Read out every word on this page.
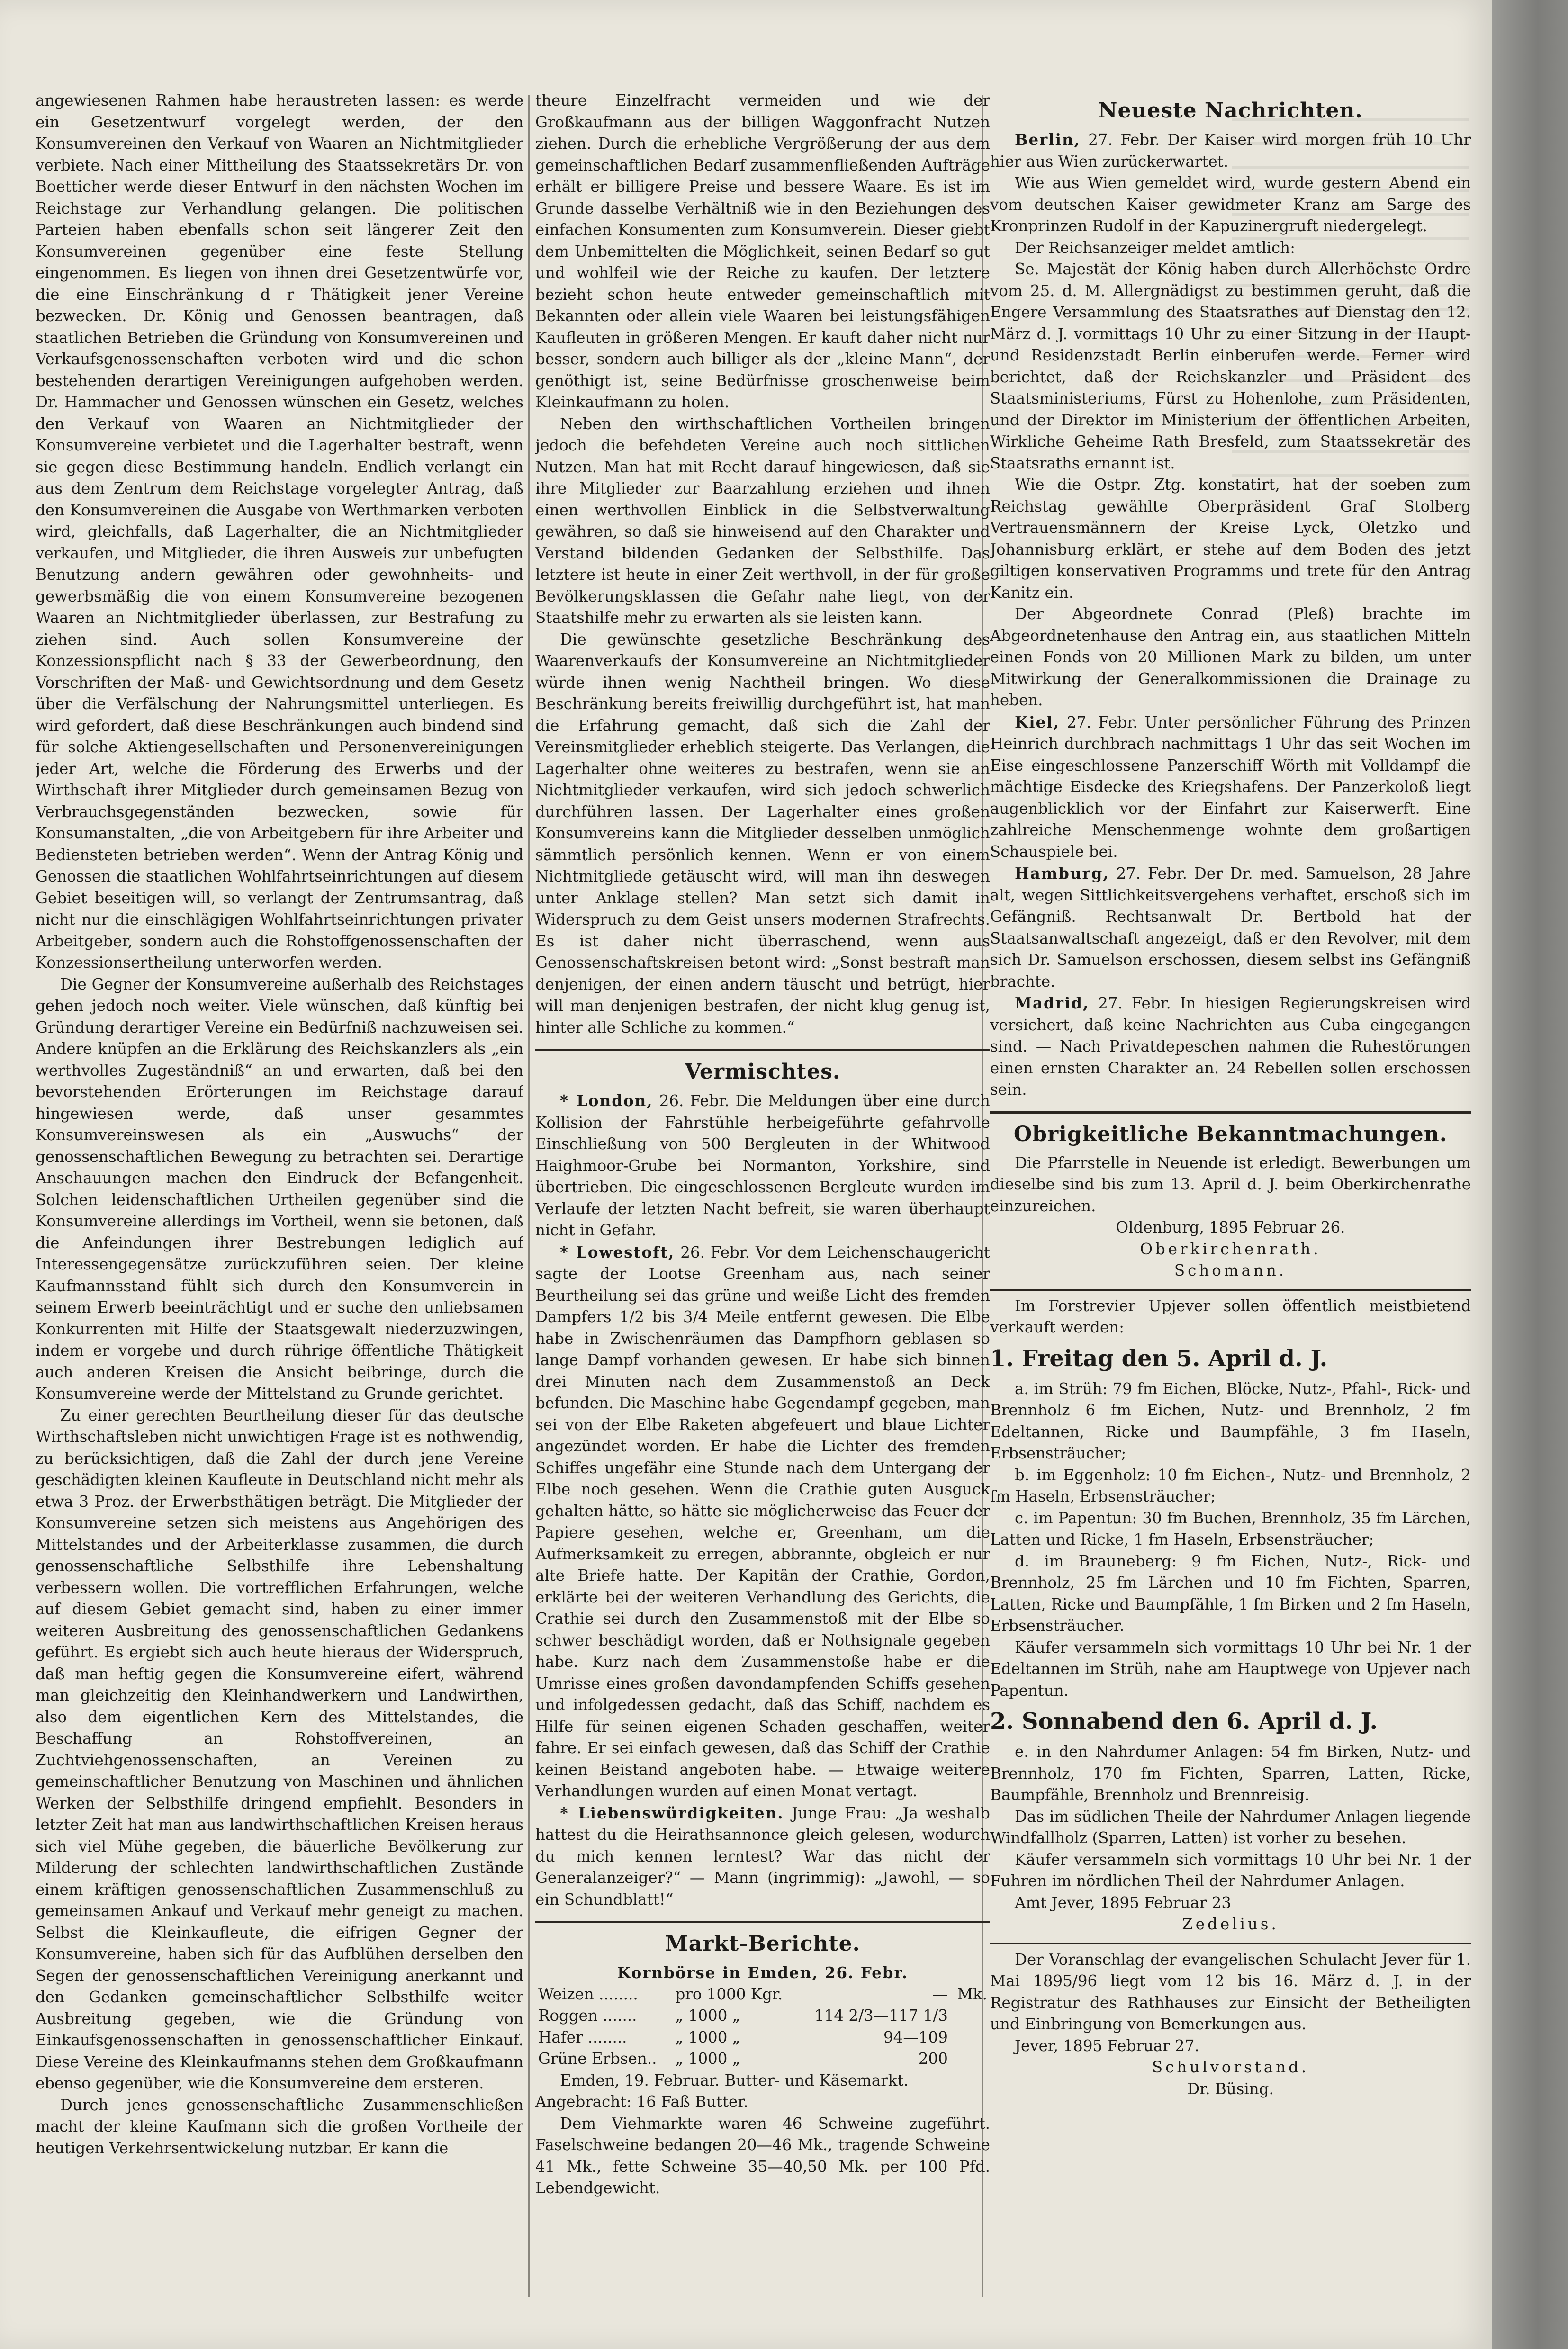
angewiesenen Rahmen habe heraustreten lassen: es werde ein Gesetzentwurf vorgelegt werden, der den Konsumvereinen den Verkauf von Waaren an Nichtmitglieder verbiete. Nach einer Mittheilung des Staatssekretärs Dr. von Boetticher werde dieser Entwurf in den nächsten Wochen im Reichstage zur Verhandlung gelangen. Die politischen Parteien haben ebenfalls schon seit längerer Zeit den Konsumvereinen gegenüber eine feste Stellung eingenommen. Es liegen von ihnen drei Gesetzentwürfe vor, die eine Einschränkung d r Thätigkeit jener Vereine bezwecken. Dr. König und Genossen beantragen, daß staatlichen Betrieben die Gründung von Konsumvereinen und Verkaufsgenossenschaften verboten wird und die schon bestehenden derartigen Vereinigungen aufgehoben werden. Dr. Hammacher und Genossen wünschen ein Gesetz, welches den Verkauf von Waaren an Nichtmitglieder der Konsumvereine verbietet und die Lagerhalter bestraft, wenn sie gegen diese Bestimmung handeln. Endlich verlangt ein aus dem Zentrum dem Reichstage vorgelegter Antrag, daß den Konsumvereinen die Ausgabe von Werthmarken verboten wird, gleichfalls, daß Lagerhalter, die an Nichtmitglieder verkaufen, und Mitglieder, die ihren Ausweis zur unbefugten Benutzung andern gewähren oder gewohnheits- und gewerbsmäßig die von einem Konsumvereine bezogenen Waaren an Nichtmitglieder überlassen, zur Bestrafung zu ziehen sind. Auch sollen Konsumvereine der Konzessionspflicht nach § 33 der Gewerbeordnung, den Vorschriften der Maß- und Gewichtsordnung und dem Gesetz über die Verfälschung der Nahrungsmittel unterliegen. Es wird gefordert, daß diese Beschränkungen auch bindend sind für solche Aktiengesellschaften und Personenvereinigungen jeder Art, welche die Förderung des Erwerbs und der Wirthschaft ihrer Mitglieder durch gemeinsamen Bezug von Verbrauchsgegenständen bezwecken, sowie für Konsumanstalten, „die von Arbeitgebern für ihre Arbeiter und Bediensteten betrieben werden“. Wenn der Antrag König und Genossen die staatlichen Wohlfahrtseinrichtungen auf diesem Gebiet beseitigen will, so verlangt der Zentrumsantrag, daß nicht nur die einschlägigen Wohlfahrtseinrichtungen privater Arbeitgeber, sondern auch die Rohstoffgenossenschaften der Konzessionsertheilung unterworfen werden.

Die Gegner der Konsumvereine außerhalb des Reichstages gehen jedoch noch weiter. Viele wünschen, daß künftig bei Gründung derartiger Vereine ein Bedürfniß nachzuweisen sei. Andere knüpfen an die Erklärung des Reichskanzlers als „ein werthvolles Zugeständniß“ an und erwarten, daß bei den bevorstehenden Erörterungen im Reichstage darauf hingewiesen werde, daß unser gesammtes Konsumvereinswesen als ein „Auswuchs“ der genossenschaftlichen Bewegung zu betrachten sei. Derartige Anschauungen machen den Eindruck der Befangenheit. Solchen leidenschaftlichen Urtheilen gegenüber sind die Konsumvereine allerdings im Vortheil, wenn sie betonen, daß die Anfeindungen ihrer Bestrebungen lediglich auf Interessengegensätze zurückzuführen seien. Der kleine Kaufmannsstand fühlt sich durch den Konsumverein in seinem Erwerb beeinträchtigt und er suche den unliebsamen Konkurrenten mit Hilfe der Staatsgewalt niederzuzwingen, indem er vorgebe und durch rührige öffentliche Thätigkeit auch anderen Kreisen die Ansicht beibringe, durch die Konsumvereine werde der Mittelstand zu Grunde gerichtet.

Zu einer gerechten Beurtheilung dieser für das deutsche Wirthschaftsleben nicht unwichtigen Frage ist es nothwendig, zu berücksichtigen, daß die Zahl der durch jene Vereine geschädigten kleinen Kaufleute in Deutschland nicht mehr als etwa 3 Proz. der Erwerbsthätigen beträgt. Die Mitglieder der Konsumvereine setzen sich meistens aus Angehörigen des Mittelstandes und der Arbeiterklasse zusammen, die durch genossenschaftliche Selbsthilfe ihre Lebenshaltung verbessern wollen. Die vortrefflichen Erfahrungen, welche auf diesem Gebiet gemacht sind, haben zu einer immer weiteren Ausbreitung des genossenschaftlichen Gedankens geführt. Es ergiebt sich auch heute hieraus der Widerspruch, daß man heftig gegen die Konsumvereine eifert, während man gleichzeitig den Kleinhandwerkern und Landwirthen, also dem eigentlichen Kern des Mittelstandes, die Beschaffung an Rohstoffvereinen, an Zuchtviehgenossenschaften, an Vereinen zu gemeinschaftlicher Benutzung von Maschinen und ähnlichen Werken der Selbsthilfe dringend empfiehlt. Besonders in letzter Zeit hat man aus landwirthschaftlichen Kreisen heraus sich viel Mühe gegeben, die bäuerliche Bevölkerung zur Milderung der schlechten landwirthschaftlichen Zustände einem kräftigen genossenschaftlichen Zusammenschluß zu gemeinsamen Ankauf und Verkauf mehr geneigt zu machen. Selbst die Kleinkaufleute, die eifrigen Gegner der Konsumvereine, haben sich für das Aufblühen derselben den Segen der genossenschaftlichen Vereinigung anerkannt und den Gedanken gemeinschaftlicher Selbsthilfe weiter Ausbreitung gegeben, wie die Gründung von Einkaufsgenossenschaften in genossenschaftlicher Einkauf. Diese Vereine des Kleinkaufmanns stehen dem Großkaufmann ebenso gegenüber, wie die Konsumvereine dem ersteren.

Durch jenes genossenschaftliche Zusammenschließen macht der kleine Kaufmann sich die großen Vortheile der heutigen Verkehrsentwickelung nutzbar. Er kann die

theure Einzelfracht vermeiden und wie der Großkaufmann aus der billigen Waggonfracht Nutzen ziehen. Durch die erhebliche Vergrößerung der aus dem gemeinschaftlichen Bedarf zusammenfließenden Aufträge erhält er billigere Preise und bessere Waare. Es ist im Grunde dasselbe Verhältniß wie in den Beziehungen des einfachen Konsumenten zum Konsumverein. Dieser giebt dem Unbemittelten die Möglichkeit, seinen Bedarf so gut und wohlfeil wie der Reiche zu kaufen. Der letztere bezieht schon heute entweder gemeinschaftlich mit Bekannten oder allein viele Waaren bei leistungsfähigen Kaufleuten in größeren Mengen. Er kauft daher nicht nur besser, sondern auch billiger als der „kleine Mann“, der genöthigt ist, seine Bedürfnisse groschenweise beim Kleinkaufmann zu holen.

Neben den wirthschaftlichen Vortheilen bringen jedoch die befehdeten Vereine auch noch sittlichen Nutzen. Man hat mit Recht darauf hingewiesen, daß sie ihre Mitglieder zur Baarzahlung erziehen und ihnen einen werthvollen Einblick in die Selbstverwaltung gewähren, so daß sie hinweisend auf den Charakter und Verstand bildenden Gedanken der Selbsthilfe. Das letztere ist heute in einer Zeit werthvoll, in der für große Bevölkerungsklassen die Gefahr nahe liegt, von der Staatshilfe mehr zu erwarten als sie leisten kann.

Die gewünschte gesetzliche Beschränkung des Waarenverkaufs der Konsumvereine an Nichtmitglieder würde ihnen wenig Nachtheil bringen. Wo diese Beschränkung bereits freiwillig durchgeführt ist, hat man die Erfahrung gemacht, daß sich die Zahl der Vereinsmitglieder erheblich steigerte. Das Verlangen, die Lagerhalter ohne weiteres zu bestrafen, wenn sie an Nichtmitglieder verkaufen, wird sich jedoch schwerlich durchführen lassen. Der Lagerhalter eines großen Konsumvereins kann die Mitglieder desselben unmöglich sämmtlich persönlich kennen. Wenn er von einem Nichtmitgliede getäuscht wird, will man ihn deswegen unter Anklage stellen? Man setzt sich damit in Widerspruch zu dem Geist unsers modernen Strafrechts. Es ist daher nicht überraschend, wenn aus Genossenschaftskreisen betont wird: „Sonst bestraft man denjenigen, der einen andern täuscht und betrügt, hier will man denjenigen bestrafen, der nicht klug genug ist, hinter alle Schliche zu kommen.“

Vermischtes.

* London, 26. Febr. Die Meldungen über eine durch Kollision der Fahrstühle herbeigeführte gefahrvolle Einschließung von 500 Bergleuten in der Whitwood Haighmoor-Grube bei Normanton, Yorkshire, sind übertrieben. Die eingeschlossenen Bergleute wurden im Verlaufe der letzten Nacht befreit, sie waren überhaupt nicht in Gefahr.

* Lowestoft, 26. Febr. Vor dem Leichenschaugericht sagte der Lootse Greenham aus, nach seiner Beurtheilung sei das grüne und weiße Licht des fremden Dampfers 1/2 bis 3/4 Meile entfernt gewesen. Die Elbe habe in Zwischenräumen das Dampfhorn geblasen so lange Dampf vorhanden gewesen. Er habe sich binnen drei Minuten nach dem Zusammenstoß an Deck befunden. Die Maschine habe Gegendampf gegeben, man sei von der Elbe Raketen abgefeuert und blaue Lichter angezündet worden. Er habe die Lichter des fremden Schiffes ungefähr eine Stunde nach dem Untergang der Elbe noch gesehen. Wenn die Crathie guten Ausguck gehalten hätte, so hätte sie möglicherweise das Feuer der Papiere gesehen, welche er, Greenham, um die Aufmerksamkeit zu erregen, abbrannte, obgleich er nur alte Briefe hatte. Der Kapitän der Crathie, Gordon, erklärte bei der weiteren Verhandlung des Gerichts, die Crathie sei durch den Zusammenstoß mit der Elbe so schwer beschädigt worden, daß er Nothsignale gegeben habe. Kurz nach dem Zusammenstoße habe er die Umrisse eines großen davondampfenden Schiffs gesehen und infolgedessen gedacht, daß das Schiff, nachdem es Hilfe für seinen eigenen Schaden geschaffen, weiter fahre. Er sei einfach gewesen, daß das Schiff der Crathie keinen Beistand angeboten habe. — Etwaige weitere Verhandlungen wurden auf einen Monat vertagt.

* Liebenswürdigkeiten. Junge Frau: „Ja weshalb hattest du die Heirathsannonce gleich gelesen, wodurch du mich kennen lerntest? War das nicht der Generalanzeiger?“ — Mann (ingrimmig): „Jawohl, — so ein Schundblatt!“

Markt-Berichte.

Kornbörse in Emden, 26. Febr.

Weizen ........	pro 1000 Kgr.	—	Mk.
Roggen .......	„ 1000 „	114 2/3—117 1/3	
Hafer ........	„ 1000 „	94—109	
Grüne Erbsen..	„ 1000 „	200	

Emden, 19. Februar. Butter- und Käsemarkt.

Angebracht: 16 Faß Butter.

Dem Viehmarkte waren 46 Schweine zugeführt. Faselschweine bedangen 20—46 Mk., tragende Schweine 41 Mk., fette Schweine 35—40,50 Mk. per 100 Pfd. Lebendgewicht.

Neueste Nachrichten.

Berlin, 27. Febr. Der Kaiser wird morgen früh 10 Uhr hier aus Wien zurückerwartet.

Wie aus Wien gemeldet wird, wurde gestern Abend ein vom deutschen Kaiser gewidmeter Kranz am Sarge des Kronprinzen Rudolf in der Kapuzinergruft niedergelegt.

Der Reichsanzeiger meldet amtlich:

Se. Majestät der König haben durch Allerhöchste Ordre vom 25. d. M. Allergnädigst zu bestimmen geruht, daß die Engere Versammlung des Staatsrathes auf Dienstag den 12. März d. J. vormittags 10 Uhr zu einer Sitzung in der Haupt- und Residenzstadt Berlin einberufen werde. Ferner wird berichtet, daß der Reichskanzler und Präsident des Staatsministeriums, Fürst zu Hohenlohe, zum Präsidenten, und der Direktor im Ministerium der öffentlichen Arbeiten, Wirkliche Geheime Rath Bresfeld, zum Staatssekretär des Staatsraths ernannt ist.

Wie die Ostpr. Ztg. konstatirt, hat der soeben zum Reichstag gewählte Oberpräsident Graf Stolberg Vertrauensmännern der Kreise Lyck, Oletzko und Johannisburg erklärt, er stehe auf dem Boden des jetzt giltigen konservativen Programms und trete für den Antrag Kanitz ein.

Der Abgeordnete Conrad (Pleß) brachte im Abgeordnetenhause den Antrag ein, aus staatlichen Mitteln einen Fonds von 20 Millionen Mark zu bilden, um unter Mitwirkung der Generalkommissionen die Drainage zu heben.

Kiel, 27. Febr. Unter persönlicher Führung des Prinzen Heinrich durchbrach nachmittags 1 Uhr das seit Wochen im Eise eingeschlossene Panzerschiff Wörth mit Volldampf die mächtige Eisdecke des Kriegshafens. Der Panzerkoloß liegt augenblicklich vor der Einfahrt zur Kaiserwerft. Eine zahlreiche Menschenmenge wohnte dem großartigen Schauspiele bei.

Hamburg, 27. Febr. Der Dr. med. Samuelson, 28 Jahre alt, wegen Sittlichkeitsvergehens verhaftet, erschoß sich im Gefängniß. Rechtsanwalt Dr. Bertbold hat der Staatsanwaltschaft angezeigt, daß er den Revolver, mit dem sich Dr. Samuelson erschossen, diesem selbst ins Gefängniß brachte.

Madrid, 27. Febr. In hiesigen Regierungskreisen wird versichert, daß keine Nachrichten aus Cuba eingegangen sind. — Nach Privatdepeschen nahmen die Ruhestörungen einen ernsten Charakter an. 24 Rebellen sollen erschossen sein.

Obrigkeitliche Bekanntmachungen.

Die Pfarrstelle in Neuende ist erledigt. Bewerbungen um dieselbe sind bis zum 13. April d. J. beim Oberkirchenrathe einzureichen.

Oldenburg, 1895 Februar 26.

Oberkirchenrath.

Schomann.

Im Forstrevier Upjever sollen öffentlich meistbietend verkauft werden:

1. Freitag den 5. April d. J.

a. im Strüh: 79 fm Eichen, Blöcke, Nutz-, Pfahl-, Rick- und Brennholz 6 fm Eichen, Nutz- und Brennholz, 2 fm Edeltannen, Ricke und Baumpfähle, 3 fm Haseln, Erbsensträucher;

b. im Eggenholz: 10 fm Eichen-, Nutz- und Brennholz, 2 fm Haseln, Erbsensträucher;

c. im Papentun: 30 fm Buchen, Brennholz, 35 fm Lärchen, Latten und Ricke, 1 fm Haseln, Erbsensträucher;

d. im Brauneberg: 9 fm Eichen, Nutz-, Rick- und Brennholz, 25 fm Lärchen und 10 fm Fichten, Sparren, Latten, Ricke und Baumpfähle, 1 fm Birken und 2 fm Haseln, Erbsensträucher.

Käufer versammeln sich vormittags 10 Uhr bei Nr. 1 der Edeltannen im Strüh, nahe am Hauptwege von Upjever nach Papentun.

2. Sonnabend den 6. April d. J.

e. in den Nahrdumer Anlagen: 54 fm Birken, Nutz- und Brennholz, 170 fm Fichten, Sparren, Latten, Ricke, Baumpfähle, Brennholz und Brennreisig.

Das im südlichen Theile der Nahrdumer Anlagen liegende Windfallholz (Sparren, Latten) ist vorher zu besehen.

Käufer versammeln sich vormittags 10 Uhr bei Nr. 1 der Fuhren im nördlichen Theil der Nahrdumer Anlagen.

Amt Jever, 1895 Februar 23

Zedelius.

Der Voranschlag der evangelischen Schulacht Jever für 1. Mai 1895/96 liegt vom 12 bis 16. März d. J. in der Registratur des Rathhauses zur Einsicht der Betheiligten und Einbringung von Bemerkungen aus.

Jever, 1895 Februar 27.

Schulvorstand.

Dr. Büsing.
